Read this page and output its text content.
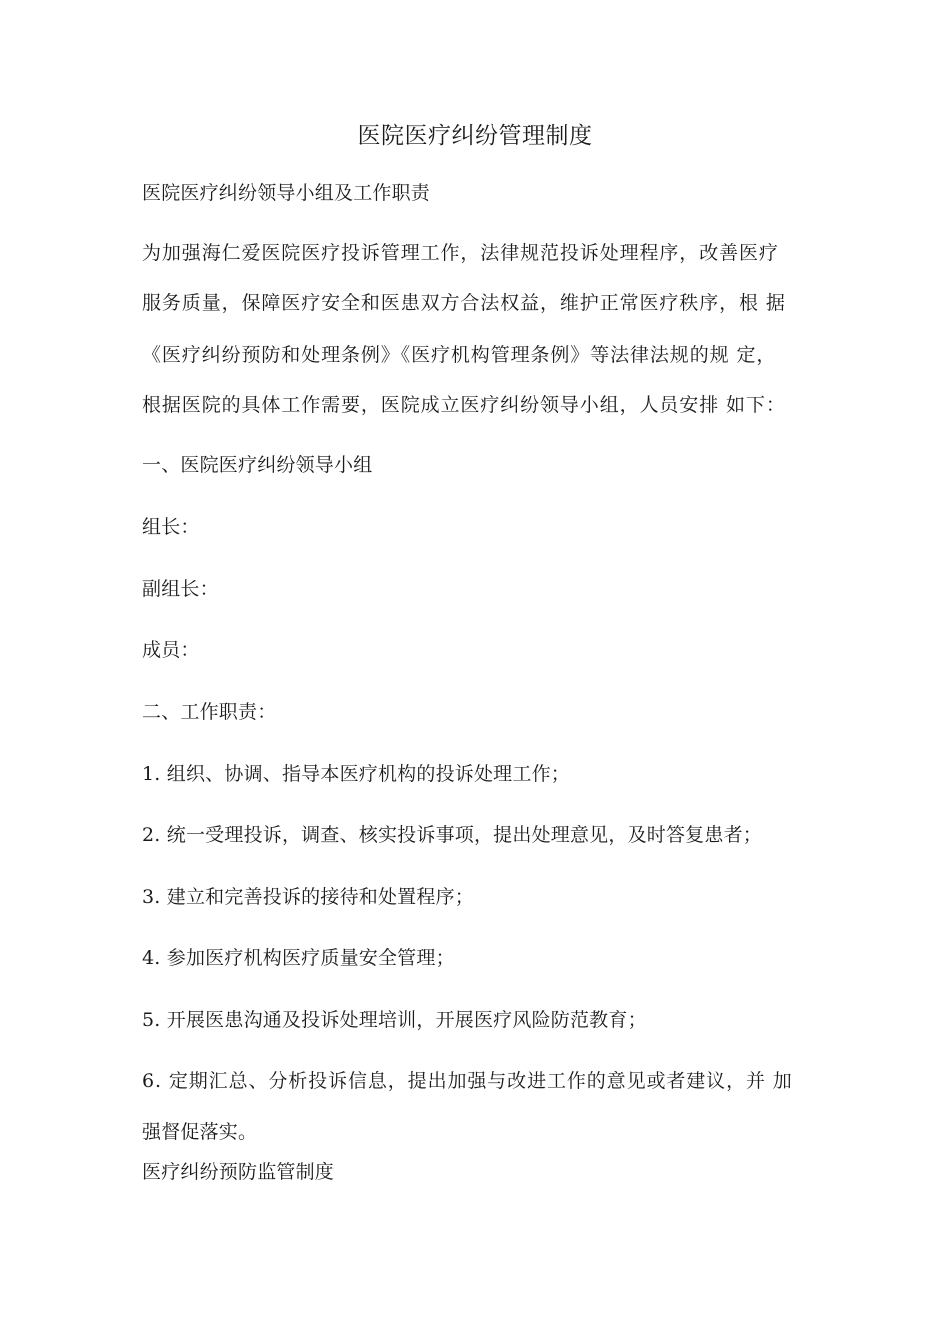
医院医疗纠纷管理制度
医院医疗纠纷领导小组及工作职责
为加强海仁爱医院医疗投诉管理工作，法律规范投诉处理程序，改善医疗
服务质量，保障医疗安全和医患双方合法权益，维护正常医疗秩序，根 据
《医疗纠纷预防和处理条例》《医疗机构管理条例》等法律法规的规 定，
根据医院的具体工作需要，医院成立医疗纠纷领导小组，人员安排 如下：
一、医院医疗纠纷领导小组
组长：
副组长：
成员：
二、工作职责：
1. 组织、协调、指导本医疗机构的投诉处理工作；
2. 统一受理投诉，调查、核实投诉事项，提出处理意见，及时答复患者；
3. 建立和完善投诉的接待和处置程序；
4. 参加医疗机构医疗质量安全管理；
5. 开展医患沟通及投诉处理培训，开展医疗风险防范教育；
6. 定期汇总、分析投诉信息，提出加强与改进工作的意见或者建议，并 加
强督促落实。
医疗纠纷预防监管制度
